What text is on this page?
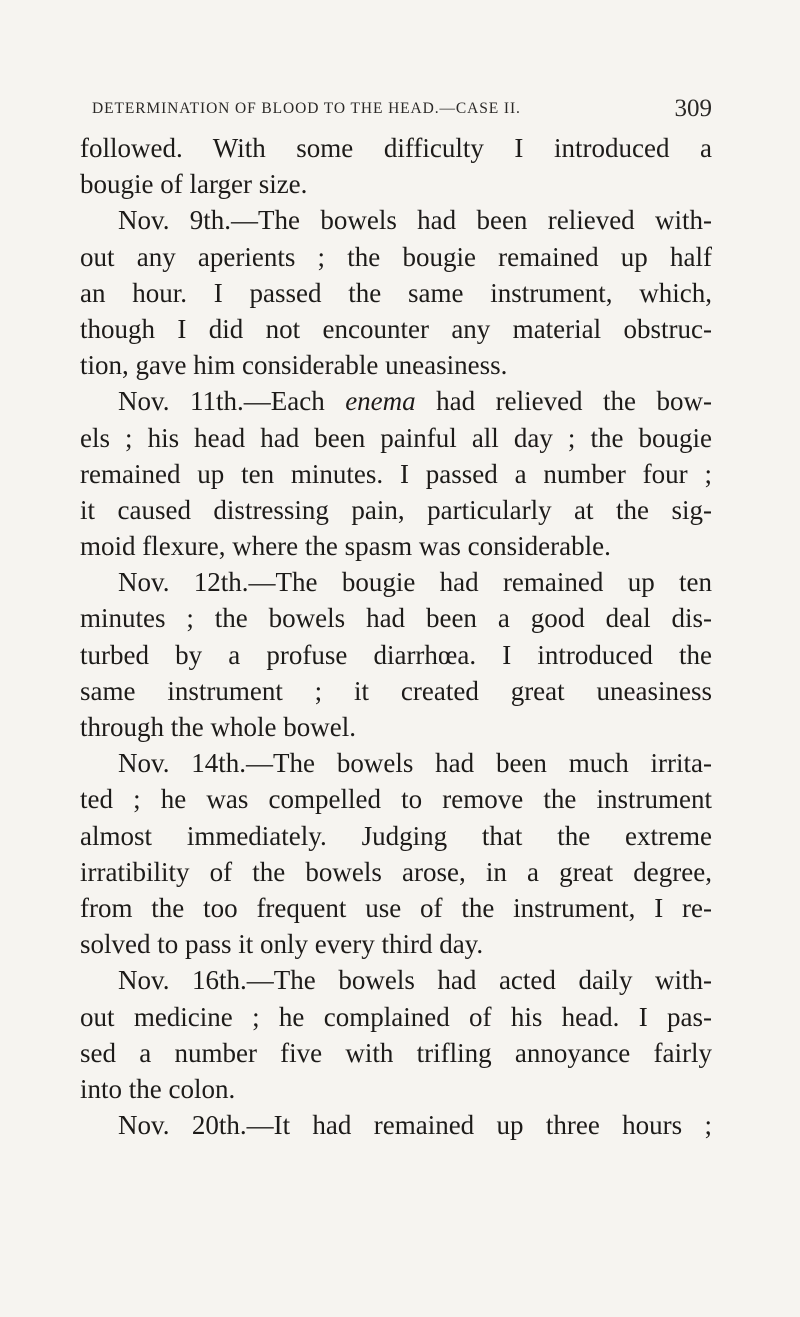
DETERMINATION OF BLOOD TO THE HEAD.—CASE II.	309
followed. With some difficulty I introduced a
bougie of larger size.
Nov. 9th.—The bowels had been relieved with-
out any aperients ; the bougie remained up half
an hour. I passed the same instrument, which,
though I did not encounter any material obstruc-
tion, gave him considerable uneasiness.
Nov. 11th.—Each enema had relieved the bow-
els ; his head had been painful all day ; the bougie
remained up ten minutes. I passed a number four ;
it caused distressing pain, particularly at the sig-
moid flexure, where the spasm was considerable.
Nov. 12th.—The bougie had remained up ten
minutes ; the bowels had been a good deal dis-
turbed by a profuse diarrhœa. I introduced the
same instrument ; it created great uneasiness
through the whole bowel.
Nov. 14th.—The bowels had been much irrita-
ted ; he was compelled to remove the instrument
almost immediately. Judging that the extreme
irratibility of the bowels arose, in a great degree,
from the too frequent use of the instrument, I re-
solved to pass it only every third day.
Nov. 16th.—The bowels had acted daily with-
out medicine ; he complained of his head. I pas-
sed a number five with trifling annoyance fairly
into the colon.
Nov. 20th.—It had remained up three hours ;
